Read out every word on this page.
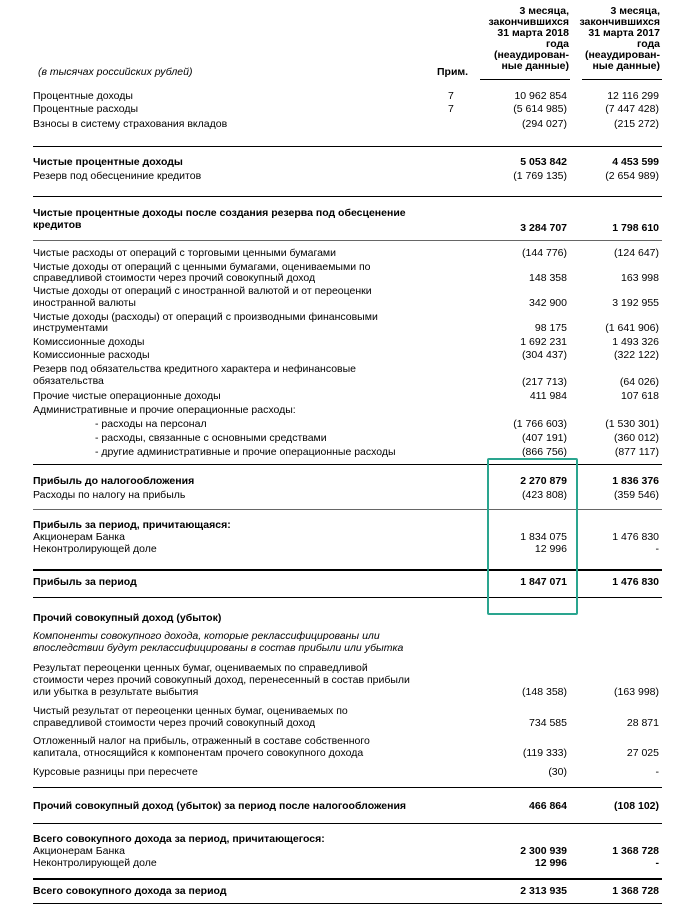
(в тысячах российских рублей)	Прим.
3 месяца,
закончившихся
31 марта 2018
года
(неаудирован-
ные данные)
3 месяца,
закончившихся
31 марта 2017
года
(неаудирован-
ные данные)
Процентные доходы	7	10 962 854	12 116 299
Процентные расходы	7	(5 614 985)	(7 447 428)
Взносы в систему страхования вкладов	(294 027)	(215 272)
Чистые процентные доходы	5 053 842	4 453 599
Резерв под обесцениние кредитов	(1 769 135)	(2 654 989)
Чистые процентные доходы после создания резерва под обесценение
кредитов	3 284 707	1 798 610
Чистые расходы от операций с торговыми ценными бумагами	(144 776)	(124 647)
Чистые доходы от операций с ценными бумагами, оцениваемыми по
справедливой стоимости через прочий совокупный доход	148 358	163 998
Чистые доходы от операций с иностранной валютой и от переоценки
иностранной валюты	342 900	3 192 955
Чистые доходы (расходы) от операций с производными финансовыми
инструментами	98 175	(1 641 906)
Комиссионные доходы	1 692 231	1 493 326
Комиссионные расходы	(304 437)	(322 122)
Резерв под обязательства кредитного характера и нефинансовые
обязательства	(217 713)	(64 026)
Прочие чистые операционные доходы	411 984	107 618
Административные и прочие операционные расходы:
- расходы на персонал	(1 766 603)	(1 530 301)
- расходы, связанные с основными средствами	(407 191)	(360 012)
- другие административные и прочие операционные расходы	(866 756)	(877 117)
Прибыль до налогообложения	2 270 879	1 836 376
Расходы по налогу на прибыль	(423 808)	(359 546)
Прибыль за период, причитающаяся:
Акционерам Банка	1 834 075	1 476 830
Неконтролирующей доле	12 996	-
Прибыль за период	1 847 071	1 476 830
Прочий совокупный доход (убыток)
Компоненты совокупного дохода, которые реклассифицированы или
впоследствии будут реклассифицированы в состав прибыли или убытка
Результат переоценки ценных бумаг, оцениваемых по справедливой
стоимости через прочий совокупный доход, перенесенный в состав прибыли
или убытка в результате выбытия	(148 358)	(163 998)
Чистый результат от переоценки ценных бумаг, оцениваемых по
справедливой стоимости через прочий совокупный доход	734 585	28 871
Отложенный налог на прибыль, отраженный в составе собственного
капитала, относящийся к компонентам прочего совокупного дохода	(119 333)	27 025
Курсовые разницы при пересчете	(30)	-
Прочий совокупный доход (убыток) за период после налогообложения	466 864	(108 102)
Всего совокупного дохода за период, причитающегося:
Акционерам Банка	2 300 939	1 368 728
Неконтролирующей доле	12 996	-
Всего совокупного дохода за период	2 313 935	1 368 728
